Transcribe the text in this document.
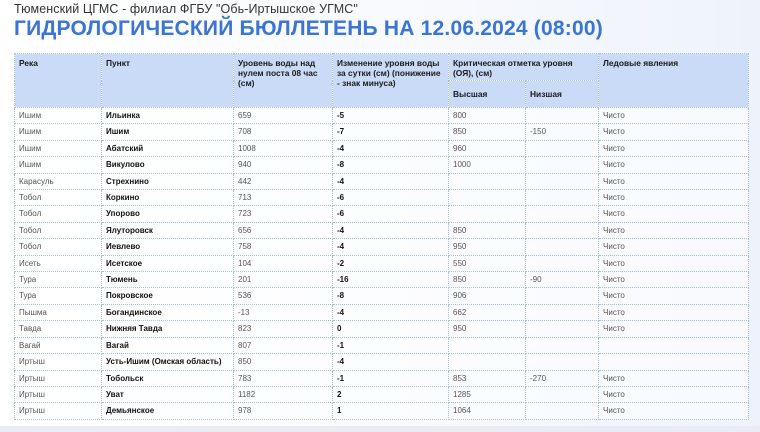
Тюменский ЦГМС - филиал ФГБУ "Обь-Иртышское УГМС"
ГИДРОЛОГИЧЕСКИЙ БЮЛЛЕТЕНЬ НА 12.06.2024 (08:00)
Река	Пункт	Уровень воды над нулем поста 08 час (см)	Изменение уровня воды за сутки (см) (понижение - знак минуса)	Критическая отметка уровня (ОЯ), (см)		Ледовые явления
				Высшая	Низшая	
Ишим	Ильинка	659	-5	800		Чисто
Ишим	Ишим	708	-7	850	-150	Чисто
Ишим	Абатский	1008	-4	960		Чисто
Ишим	Викулово	940	-8	1000		Чисто
Карасуль	Стрехнино	442	-4			Чисто
Тобол	Коркино	713	-6			Чисто
Тобол	Упорово	723	-6			Чисто
Тобол	Ялуторовск	656	-4	850		Чисто
Тобол	Иевлево	758	-4	950		Чисто
Исеть	Исетское	104	-2	550		Чисто
Тура	Тюмень	201	-16	850	-90	Чисто
Тура	Покровское	536	-8	906		Чисто
Пышма	Богандинское	-13	-4	662		Чисто
Тавда	Нижняя Тавда	823	0	950		Чисто
Вагай	Вагай	807	-1			
Иртыш	Усть-Ишим (Омская область)	850	-4			
Иртыш	Тобольск	783	-1	853	-270	Чисто
Иртыш	Уват	1182	2	1285		Чисто
Иртыш	Демьянское	978	1	1064		Чисто
